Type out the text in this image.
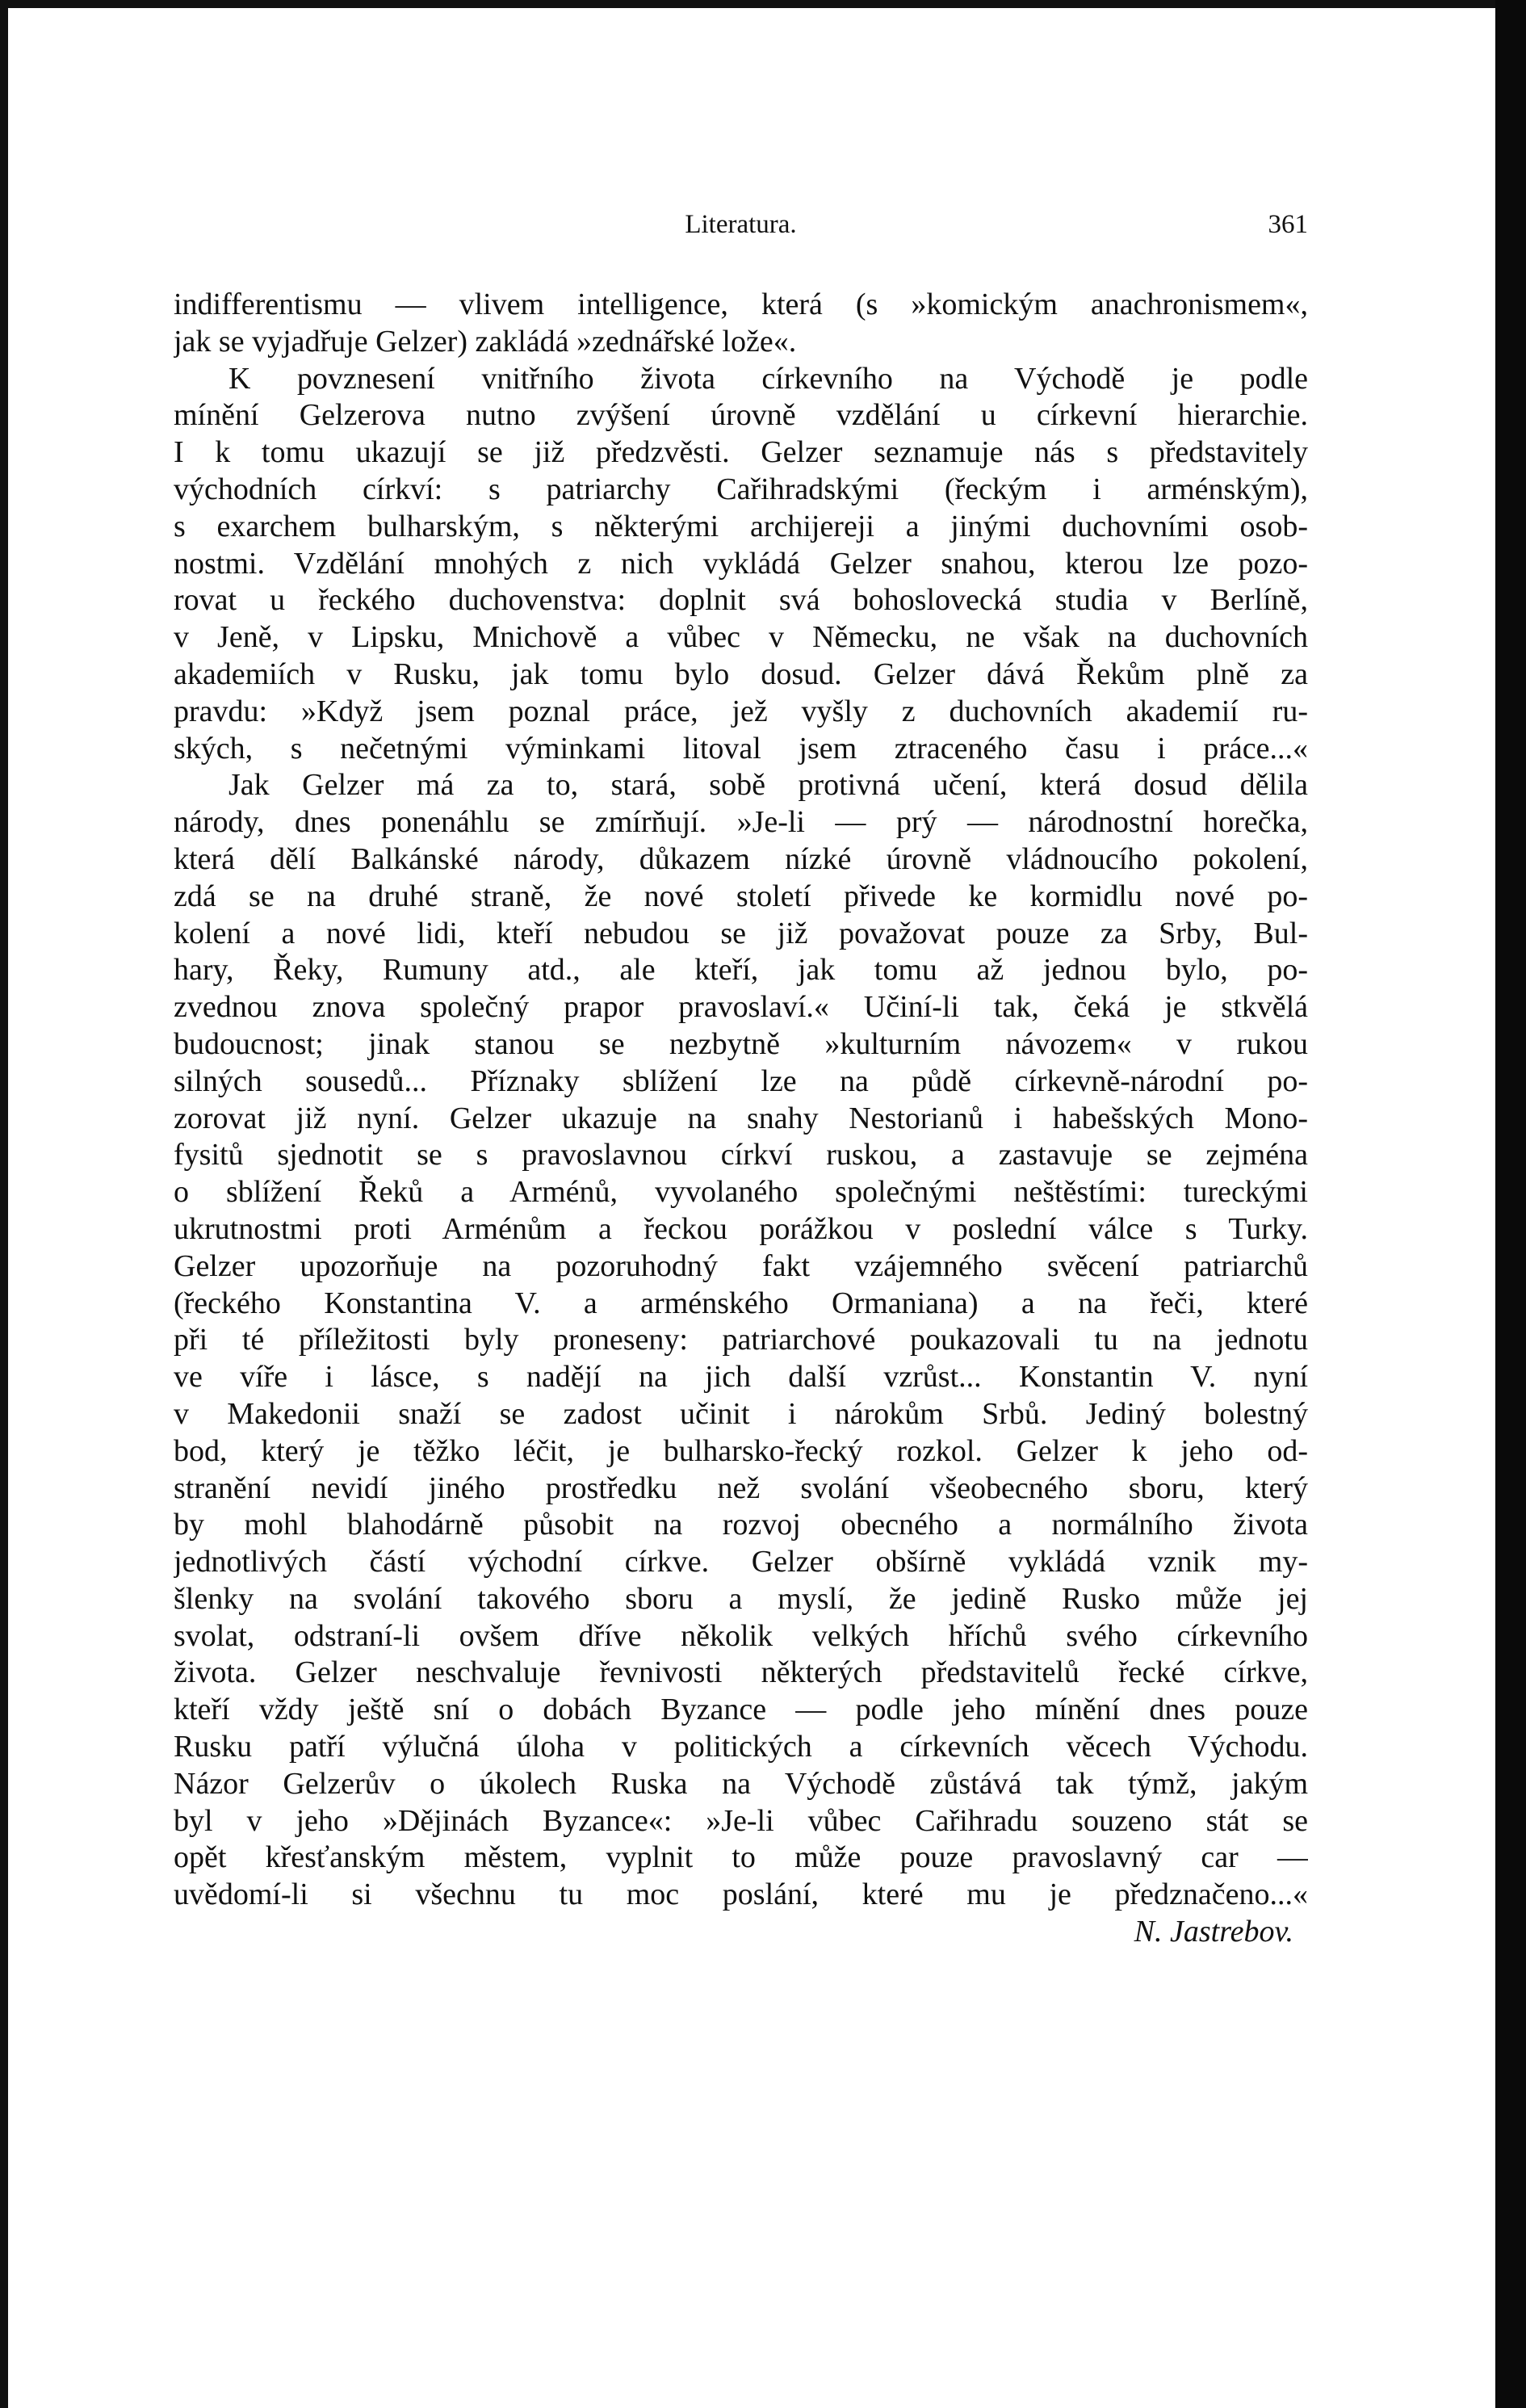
Literatura.	361
indifferentismu — vlivem intelligence, která (s »komickým anachronismem«,
jak se vyjadřuje Gelzer) zakládá »zednářské lože«.
K povznesení vnitřního života církevního na Východě je podle
mínění Gelzerova nutno zvýšení úrovně vzdělání u církevní hierarchie.
I k tomu ukazují se již předzvěsti. Gelzer seznamuje nás s představitely
východních církví: s patriarchy Cařihradskými (řeckým i arménským),
s exarchem bulharským, s některými archijereji a jinými duchovními osob-
nostmi. Vzdělání mnohých z nich vykládá Gelzer snahou, kterou lze pozo-
rovat u řeckého duchovenstva: doplnit svá bohoslovecká studia v Berlíně,
v Jeně, v Lipsku, Mnichově a vůbec v Německu, ne však na duchovních
akademiích v Rusku, jak tomu bylo dosud. Gelzer dává Řekům plně za
pravdu: »Když jsem poznal práce, jež vyšly z duchovních akademií ru-
ských, s nečetnými výminkami litoval jsem ztraceného času i práce...«
Jak Gelzer má za to, stará, sobě protivná učení, která dosud dělila
národy, dnes ponenáhlu se zmírňují. »Je-li — prý — národnostní horečka,
která dělí Balkánské národy, důkazem nízké úrovně vládnoucího pokolení,
zdá se na druhé straně, že nové století přivede ke kormidlu nové po-
kolení a nové lidi, kteří nebudou se již považovat pouze za Srby, Bul-
hary, Řeky, Rumuny atd., ale kteří, jak tomu až jednou bylo, po-
zvednou znova společný prapor pravoslaví.« Učiní-li tak, čeká je stkvělá
budoucnost; jinak stanou se nezbytně »kulturním návozem« v rukou
silných sousedů... Příznaky sblížení lze na půdě církevně-národní po-
zorovat již nyní. Gelzer ukazuje na snahy Nestorianů i habešských Mono-
fysitů sjednotit se s pravoslavnou církví ruskou, a zastavuje se zejména
o sblížení Řeků a Arménů, vyvolaného společnými neštěstími: tureckými
ukrutnostmi proti Arménům a řeckou porážkou v poslední válce s Turky.
Gelzer upozorňuje na pozoruhodný fakt vzájemného svěcení patriarchů
(řeckého Konstantina V. a arménského Ormaniana) a na řeči, které
při té příležitosti byly proneseny: patriarchové poukazovali tu na jednotu
ve víře i lásce, s nadějí na jich další vzrůst... Konstantin V. nyní
v Makedonii snaží se zadost učinit i nárokům Srbů. Jediný bolestný
bod, který je těžko léčit, je bulharsko-řecký rozkol. Gelzer k jeho od-
stranění nevidí jiného prostředku než svolání všeobecného sboru, který
by mohl blahodárně působit na rozvoj obecného a normálního života
jednotlivých částí východní církve. Gelzer obšírně vykládá vznik my-
šlenky na svolání takového sboru a myslí, že jedině Rusko může jej
svolat, odstraní-li ovšem dříve několik velkých hříchů svého církevního
života. Gelzer neschvaluje řevnivosti některých představitelů řecké církve,
kteří vždy ještě sní o dobách Byzance — podle jeho mínění dnes pouze
Rusku patří výlučná úloha v politických a církevních věcech Východu.
Názor Gelzerův o úkolech Ruska na Východě zůstává tak týmž, jakým
byl v jeho »Dějinách Byzance«: »Je-li vůbec Cařihradu souzeno stát se
opět křesťanským městem, vyplnit to může pouze pravoslavný car —
uvědomí-li si všechnu tu moc poslání, které mu je předznačeno...«
N. Jastrebov.
